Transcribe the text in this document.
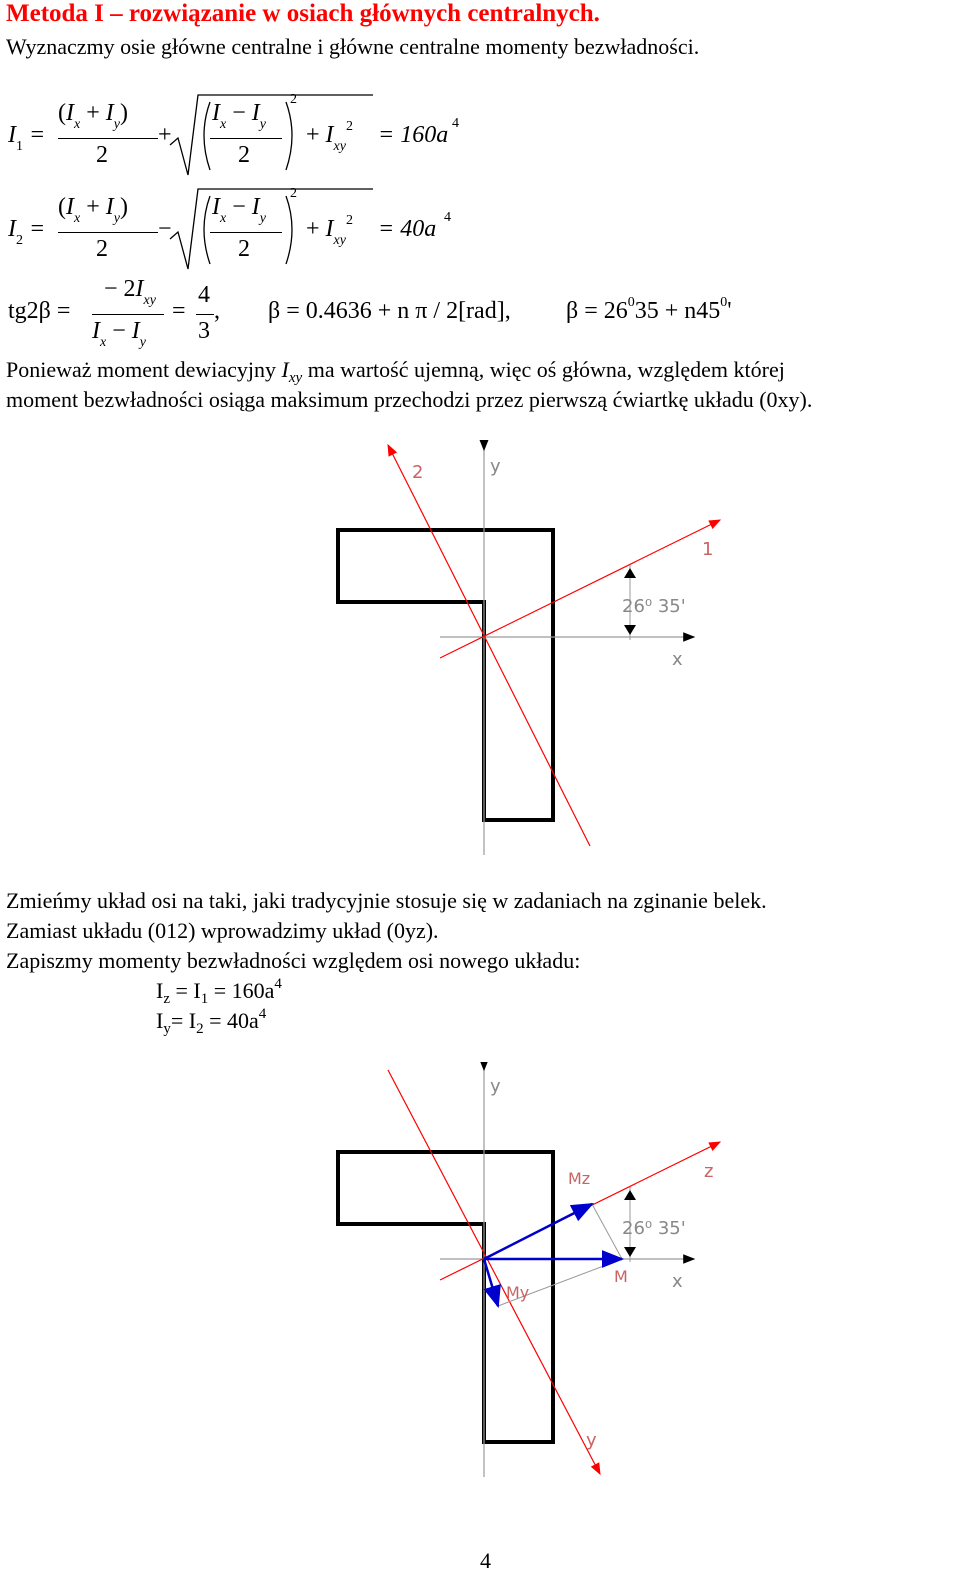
Metoda I – rozwiązanie w osiach głównych centralnych.
Wyznaczmy osie główne centralne i główne centralne momenty bezwładności.
$I_1$ =
$(I_x + I_y)$
2
+
$I_x - I_y$
2
2
+ $I_{xy}^2 = 160a$ 4
$I_2$ =
$(I_x + I_y)$
2
−
$I_x - I_y$
2
2
+ $I_{xy}^2 = 40a$ 4
tg2β =
− $2I_{xy}$
$I_x - I_y$
=
4
3
, β = 0.4636 + n π / 2[rad], $\beta = 26^035 + n45^0'$
Ponieważ moment dewiacyjny $I_{xy}$ ma wartość ujemną, więc oś główna, względem której
moment bezwładności osiąga maksimum przechodzi przez pierwszą ćwiartkę układu (0xy).
2	y
1
x
26⁰ 35'
Zmieńmy układ osi na taki, jaki tradycyjnie stosuje się w zadaniach na zginanie belek.
Zamiast układu (012) wprowadzimy układ (0yz).
Zapiszmy momenty bezwładności względem osi nowego układu:
$I_z = I_1 = 160a^4$
$I_y= I_2 = 40a^4$
y
z
x
Mz
My
M
y
26⁰ 35'
4
